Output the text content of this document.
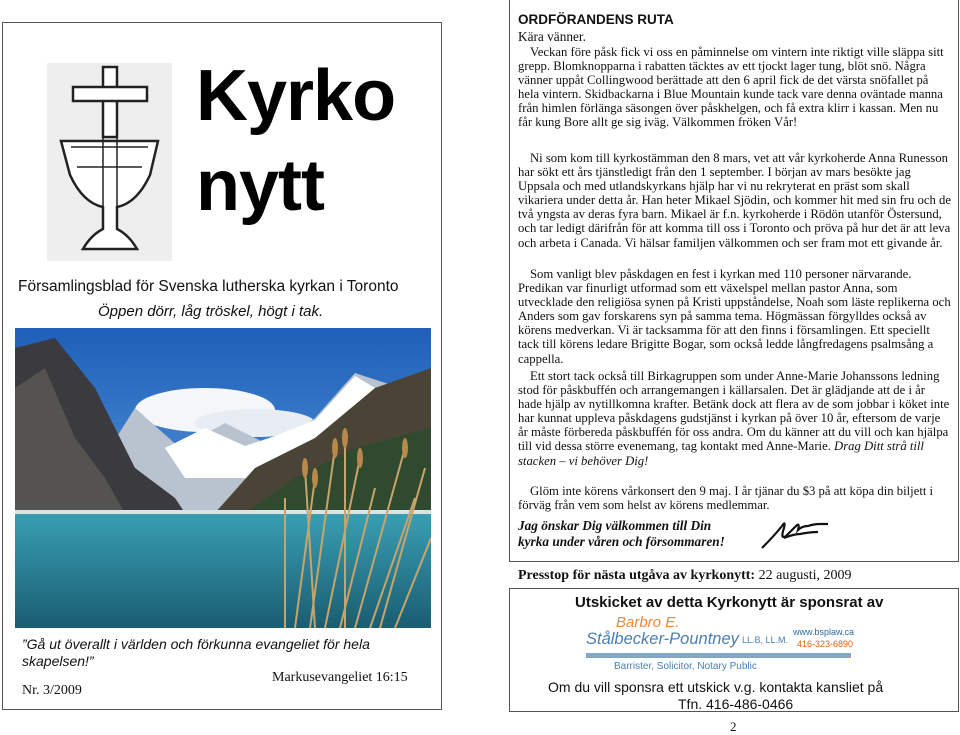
Kyrko
nytt
Församlingsblad för Svenska lutherska kyrkan i Toronto
Öppen dörr, låg tröskel, högt i tak.
”Gå ut överallt i världen och förkunna evangeliet för hela skapelsen!”
Markusevangeliet 16:15
Nr. 3/2009
ORDFÖRANDENS RUTA
Kära vänner.
Veckan före påsk fick vi oss en påminnelse om vintern inte riktigt ville släppa sitt grepp. Blomknopparna i rabatten täcktes av ett tjockt lager tung, blöt snö. Några vänner uppåt Collingwood berättade att den 6 april fick de det värsta snöfallet på hela vintern. Skidbackarna i Blue Mountain kunde tack vare denna oväntade manna från himlen förlänga säsongen över påskhelgen, och få extra klirr i kassan. Men nu får kung Bore allt ge sig iväg. Välkommen fröken Vår!
Ni som kom till kyrkostämman den 8 mars, vet att vår kyrkoherde Anna Runesson har sökt ett års tjänstledigt från den 1 september. I början av mars besökte jag Uppsala och med utlandskyrkans hjälp har vi nu rekryterat en präst som skall vikariera under detta år. Han heter Mikael Sjödin, och kommer hit med sin fru och de två yngsta av deras fyra barn. Mikael är f.n. kyrkoherde i Rödön utanför Östersund, och tar ledigt därifrån för att komma till oss i Toronto och pröva på hur det är att leva och arbeta i Canada. Vi hälsar familjen välkommen och ser fram mot ett givande år.
Som vanligt blev påskdagen en fest i kyrkan med 110 personer närvarande. Predikan var finurligt utformad som ett växelspel mellan pastor Anna, som utvecklade den religiösa synen på Kristi uppståndelse, Noah som läste replikerna och Anders som gav forskarens syn på samma tema. Högmässan förgylldes också av körens medverkan. Vi är tacksamma för att den finns i församlingen. Ett speciellt tack till körens ledare Brigitte Bogar, som också ledde långfredagens psalmsång a cappella.
Ett stort tack också till Birkagruppen som under Anne-Marie Johanssons ledning stod för påskbuffén och arrangemangen i källarsalen. Det är glädjande att de i år hade hjälp av nytillkomna krafter. Betänk dock att flera av de som jobbar i köket inte har kunnat uppleva påskdagens gudstjänst i kyrkan på över 10 år, eftersom de varje år måste förbereda påskbuffén för oss andra. Om du känner att du vill och kan hjälpa till vid dessa större evenemang, tag kontakt med Anne-Marie. Drag Ditt strå till stacken – vi behöver Dig!
Glöm inte körens vårkonsert den 9 maj. I år tjänar du $3 på att köpa din biljett i förväg från vem som helst av körens medlemmar.
Jag önskar Dig välkommen till Din
kyrka under våren och försommaren!
Presstop för nästa utgåva av kyrkonytt: 22 augusti, 2009
Utskicket av detta Kyrkonytt är sponsrat av
Barbro E.
Stålbecker-Pountney LL.B, LL.M.
www.bsplaw.ca
416-323-6890
Barrister, Solicitor, Notary Public
Om du vill sponsra ett utskick v.g. kontakta kansliet på
Tfn. 416-486-0466
2
